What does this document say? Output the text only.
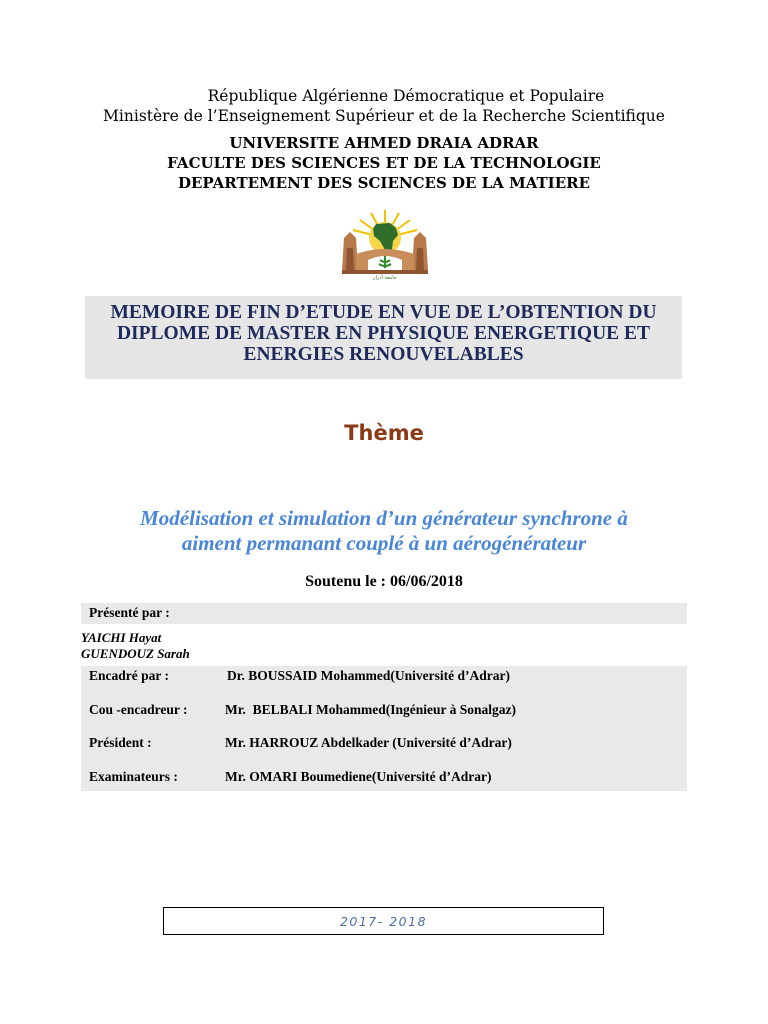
République Algérienne Démocratique et Populaire
Ministère de l’Enseignement Supérieur et de la Recherche Scientifique
UNIVERSITE AHMED DRAIA ADRAR
FACULTE DES SCIENCES ET DE LA TECHNOLOGIE
DEPARTEMENT DES SCIENCES DE LA MATIERE
جامعة أدرار
MEMOIRE DE FIN D’ETUDE EN VUE DE L’OBTENTION DU
DIPLOME DE MASTER EN PHYSIQUE ENERGETIQUE ET
ENERGIES RENOUVELABLES
Thème
Modélisation et simulation d’un générateur synchrone à
aiment permanant couplé à un aérogénérateur
Soutenu le : 06/06/2018
Présenté par :
YAICHI Hayat
GUENDOUZ Sarah
Encadré par :	Dr. BOUSSAID Mohammed(Université d’Adrar)
Cou -encadreur :	Mr.  BELBALI Mohammed(Ingénieur à Sonalgaz)
Président :	Mr. HARROUZ Abdelkader (Université d’Adrar)
Examinateurs :	Mr. OMARI Boumediene(Université d’Adrar)
2017- 2018
